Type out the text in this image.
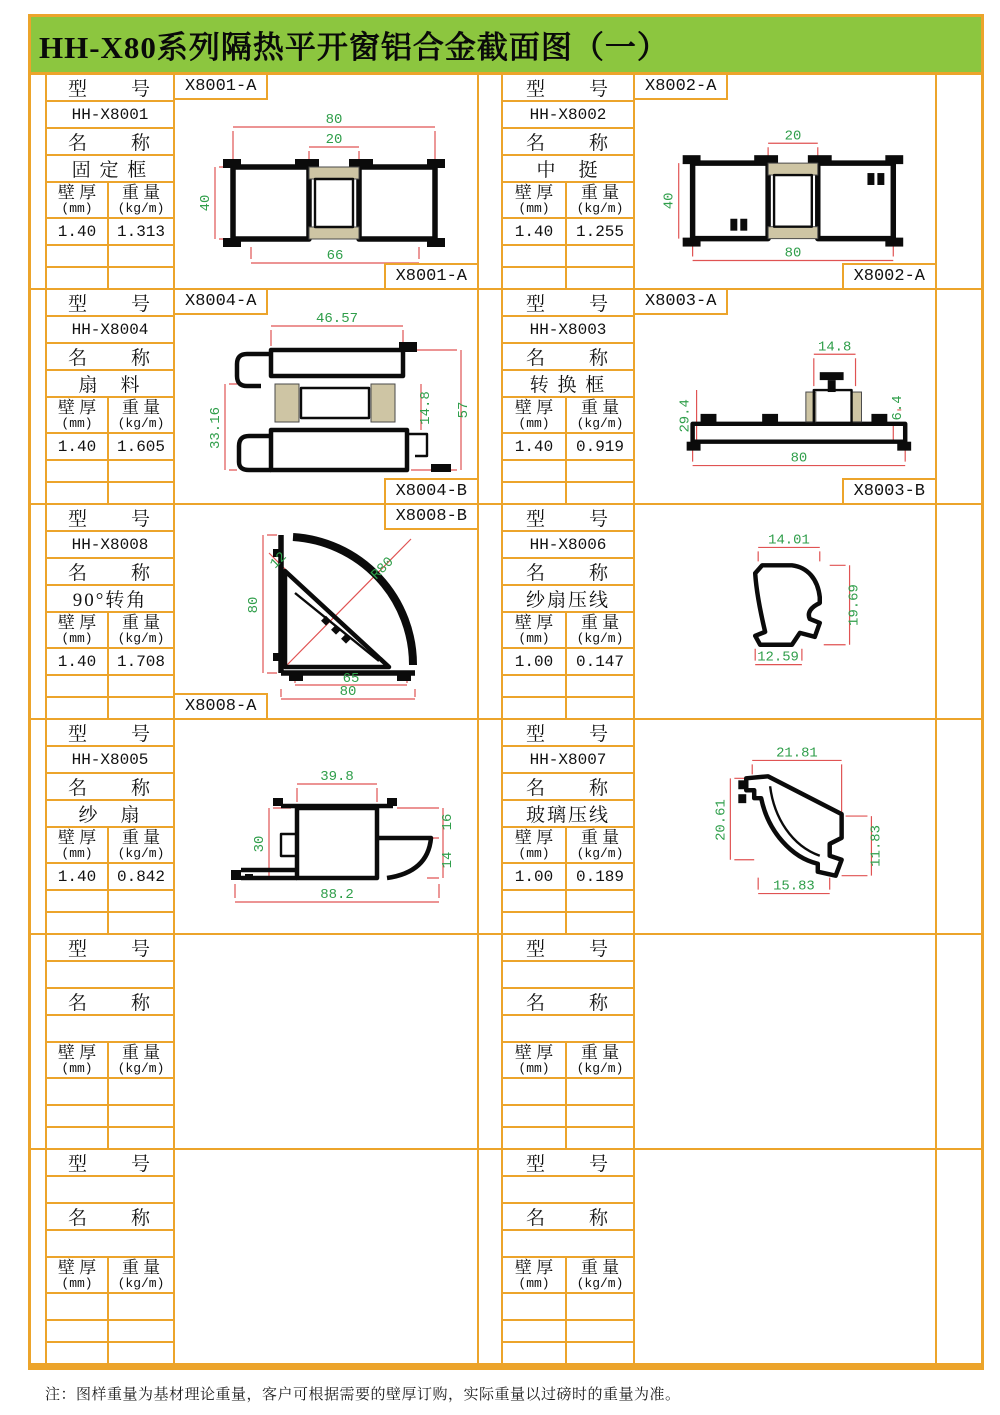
HH-X80系列隔热平开窗铝合金截面图（一）
型　　号
HH-X8001
名　　称
固 定 框
壁 厚
(mm)
重 量
(kg/m)
1.40	1.313
X8001-A
X8001-A
80
20
40
66
型　　号
HH-X8002
名　　称
中　挺
壁 厚
(mm)
重 量
(kg/m)
1.40	1.255
X8002-A
X8002-A
20
40
80
型　　号
HH-X8004
名　　称
扇　料
壁 厚
(mm)
重 量
(kg/m)
1.40	1.605
X8004-A
X8004-B
46.57
33.16	14.8 57
型　　号
HH-X8003
名　　称
转 换 框
壁 厚
(mm)
重 量
(kg/m)
1.40	0.919
X8003-A
X8003-B
14.8
29.4	6.4
80
型　　号
HH-X8008
名　　称
90°转角
壁 厚
(mm)
重 量
(kg/m)
1.40	1.708
X8008-B
X8008-A
12
80
R80
65
80
型　　号
HH-X8006
名　　称
纱扇压线
壁 厚
(mm)
重 量
(kg/m)
1.00	0.147
14.01
19.69
12.59
型　　号
HH-X8005
名　　称
纱　扇
壁 厚
(mm)
重 量
(kg/m)
1.40	0.842
39.8
30
16
14
88.2
型　　号
HH-X8007
名　　称
玻璃压线
壁 厚
(mm)
重 量
(kg/m)
1.00	0.189
21.81
20.61
11.83
15.83
型　　号
名　　称
壁 厚
(mm)
重 量
(kg/m)
型　　号
名　　称
壁 厚
(mm)
重 量
(kg/m)
型　　号
名　　称
壁 厚
(mm)
重 量
(kg/m)
型　　号
名　　称
壁 厚
(mm)
重 量
(kg/m)
注：图样重量为基材理论重量，客户可根据需要的壁厚订购，实际重量以过磅时的重量为准。
